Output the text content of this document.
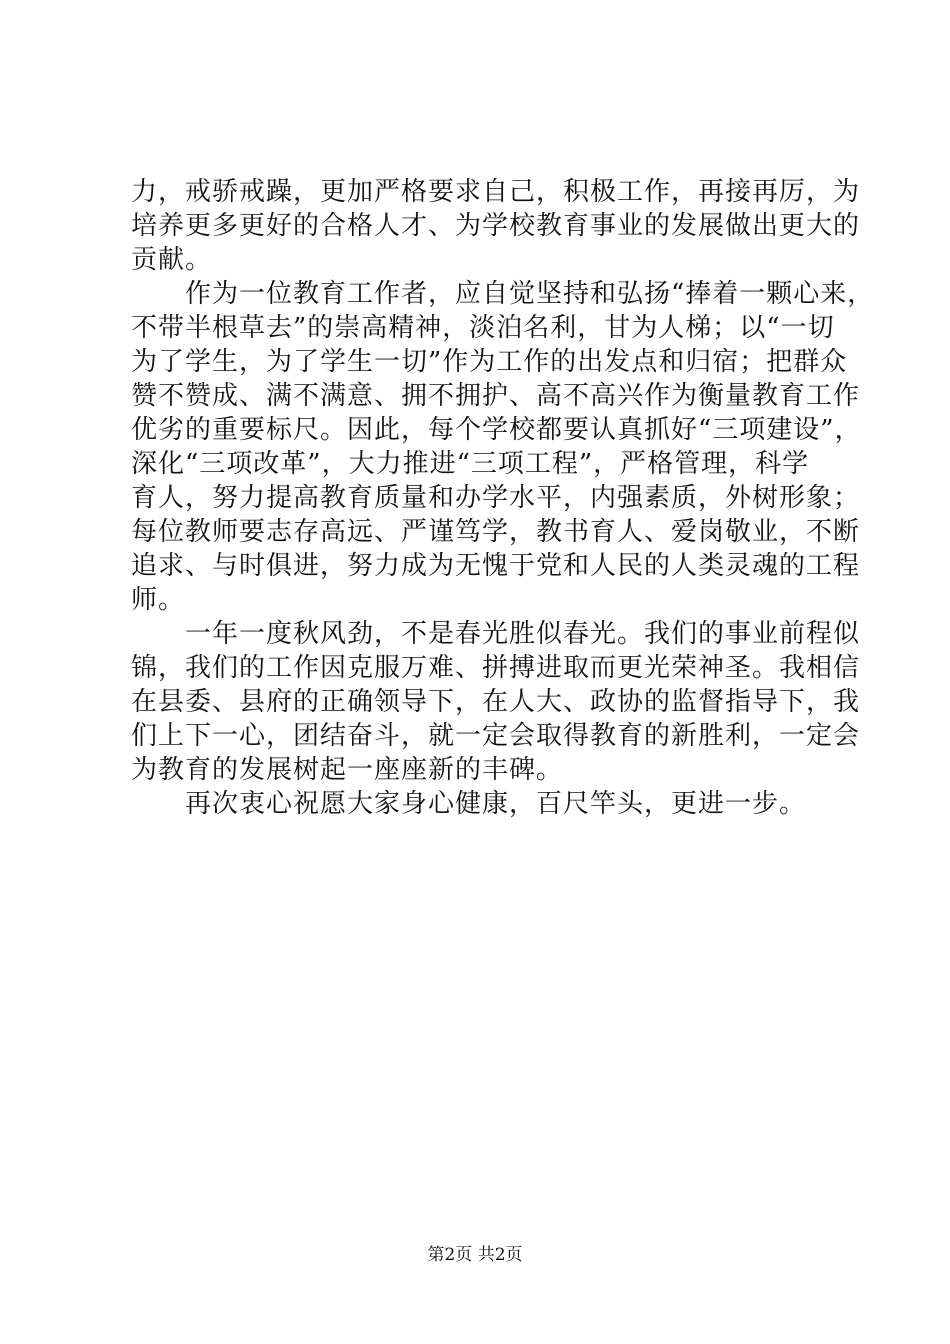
力，戒骄戒躁，更加严格要求自己，积极工作，再接再厉，为
培养更多更好的合格人才、为学校教育事业的发展做出更大的
贡献。
　　作为一位教育工作者，应自觉坚持和弘扬“捧着一颗心来，
不带半根草去”的崇高精神，淡泊名利，甘为人梯；以“一切
为了学生，为了学生一切”作为工作的出发点和归宿；把群众
赞不赞成、满不满意、拥不拥护、高不高兴作为衡量教育工作
优劣的重要标尺。因此，每个学校都要认真抓好“三项建设”，
深化“三项改革”，大力推进“三项工程”，严格管理，科学
育人，努力提高教育质量和办学水平，内强素质，外树形象；
每位教师要志存高远、严谨笃学，教书育人、爱岗敬业，不断
追求、与时俱进，努力成为无愧于党和人民的人类灵魂的工程
师。
　　一年一度秋风劲，不是春光胜似春光。我们的事业前程似
锦，我们的工作因克服万难、拼搏进取而更光荣神圣。我相信
在县委、县府的正确领导下，在人大、政协的监督指导下，我
们上下一心，团结奋斗，就一定会取得教育的新胜利，一定会
为教育的发展树起一座座新的丰碑。
　　再次衷心祝愿大家身心健康，百尺竿头，更进一步。
第2页 共2页
